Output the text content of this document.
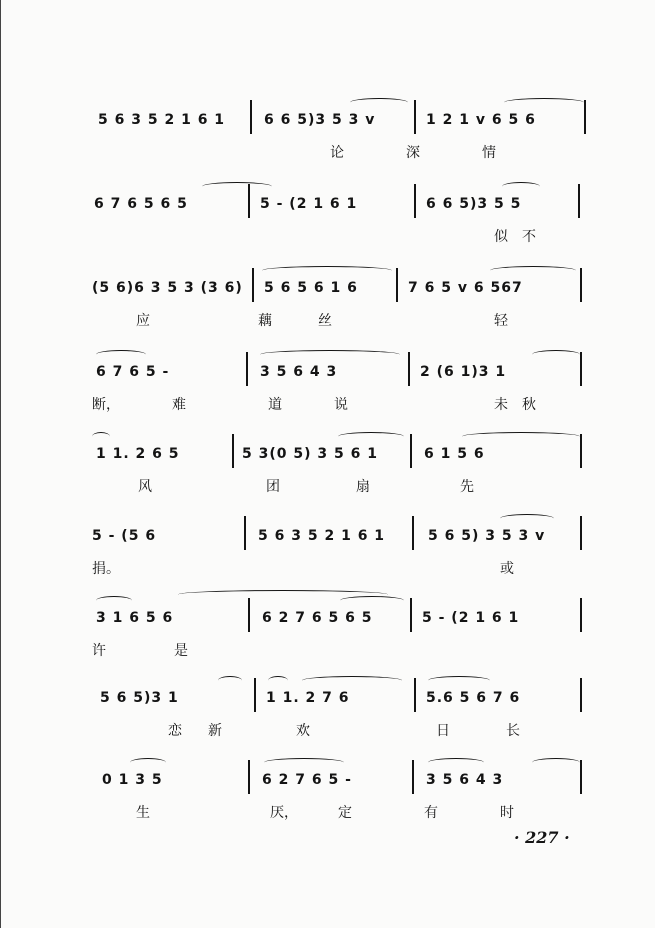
5 6 3 5 2 1 6 1	6 6 5)3 5 3 v	1 2 1 v 6 5 6
论	深	情
6 7 6 5 6 5	5 - (2 1 6 1	6 6 5)3 5 5
似 不
(5 6)6 3 5 3 (3 6) 5 6 5 6 1 6	7 6 5 v 6 567
应	藕	丝	轻
6 7 6 5 -	3 5 6 4 3	2 (6 1)3 1
断，	难	道	说	未 秋
1 1. 2 6 5	5 3(0 5) 3 5 6 1	6 1 5 6
风	团	扇	先
5 - (5 6	5 6 3 5 2 1 6 1	5 6 5) 3 5 3 v
捐。	或
3 1 6 5 6	6 2 7 6 5 6 5	5 - (2 1 6 1
许	是
5 6 5)3 1	1 1. 2 7 6	5.6 5 6 7 6
恋 新	欢	日	长
0 1 3 5	6 2 7 6 5 -	3 5 6 4 3
生	厌，	定	有	时
· 227 ·
